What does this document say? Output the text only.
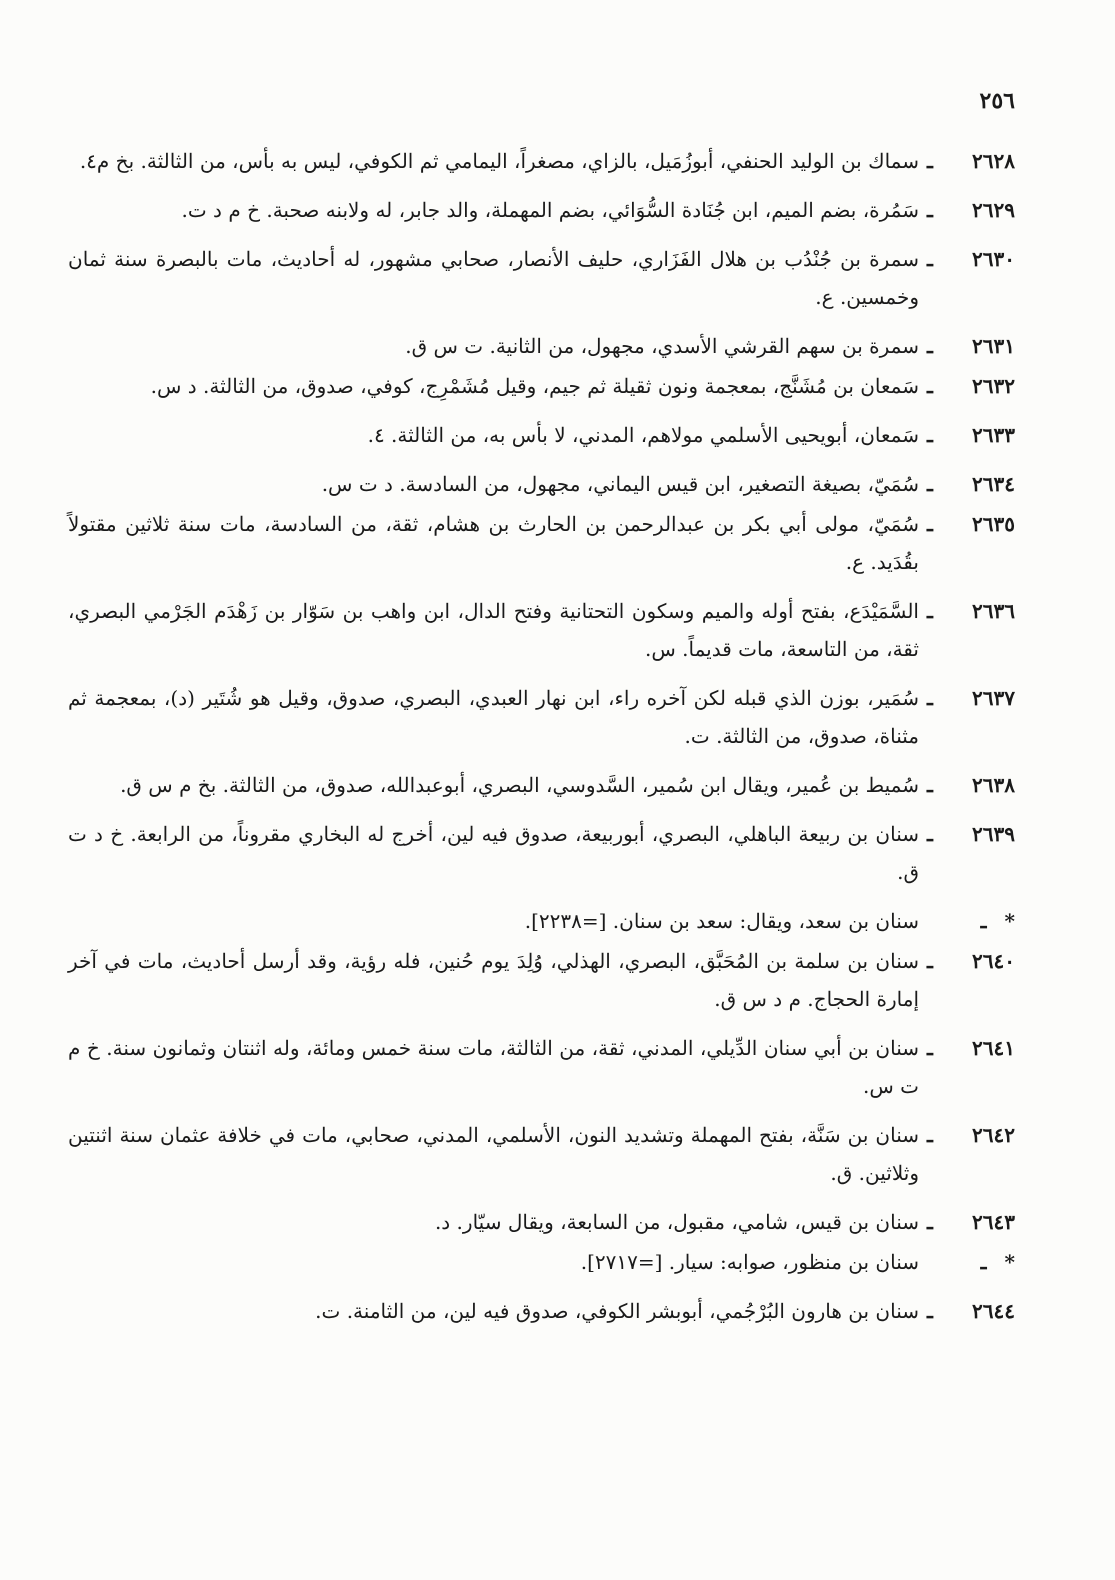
٢٥٦
٢٦٢٨
ـ
سماك بن الوليد الحنفي، أبوزُمَيل، بالزاي، مصغراً، اليمامي ثم الكوفي، ليس به بأس، من الثالثة. بخ م٤.
٢٦٢٩
ـ
سَمُرة، بضم الميم، ابن جُنَادة السُّوَائي، بضم المهملة، والد جابر، له ولابنه صحبة. خ م د ت.
٢٦٣٠
ـ
سمرة بن جُنْدُب بن هلال الفَزَاري، حليف الأنصار، صحابي مشهور، له أحاديث، مات بالبصرة سنة ثمان وخمسين. ع.
٢٦٣١
ـ
سمرة بن سهم القرشي الأسدي، مجهول، من الثانية. ت س ق.
٢٦٣٢
ـ
سَمعان بن مُشَنَّج، بمعجمة ونون ثقيلة ثم جيم، وقيل مُشَمْرِج، كوفي، صدوق، من الثالثة. د س.
٢٦٣٣
ـ
سَمعان، أبويحيى الأسلمي مولاهم، المدني، لا بأس به، من الثالثة. ٤.
٢٦٣٤
ـ
سُمَيّ، بصيغة التصغير، ابن قيس اليماني، مجهول، من السادسة. د ت س.
٢٦٣٥
ـ
سُمَيّ، مولى أبي بكر بن عبدالرحمن بن الحارث بن هشام، ثقة، من السادسة، مات سنة ثلاثين مقتولاً بقُدَيد. ع.
٢٦٣٦
ـ
السَّمَيْدَع، بفتح أوله والميم وسكون التحتانية وفتح الدال، ابن واهب بن سَوّار بن زَهْدَم الجَرْمي البصري، ثقة، من التاسعة، مات قديماً. س.
٢٦٣٧
ـ
سُمَير، بوزن الذي قبله لكن آخره راء، ابن نهار العبدي، البصري، صدوق، وقيل هو شُتَير (د)، بمعجمة ثم مثناة، صدوق، من الثالثة. ت.
٢٦٣٨
ـ
سُميط بن عُمير، ويقال ابن سُمير، السَّدوسي، البصري، أبوعبدالله، صدوق، من الثالثة. بخ م س ق.
٢٦٣٩
ـ
سنان بن ربيعة الباهلي، البصري، أبوربيعة، صدوق فيه لين، أخرج له البخاري مقروناً، من الرابعة. خ د ت ق.
*
ـ
سنان بن سعد، ويقال: سعد بن سنان. [=٢٢٣٨].
٢٦٤٠
ـ
سنان بن سلمة بن المُحَبَّق، البصري، الهذلي، وُلِدَ يوم حُنين، فله رؤية، وقد أرسل أحاديث، مات في آخر إمارة الحجاج. م د س ق.
٢٦٤١
ـ
سنان بن أبي سنان الدِّيلي، المدني، ثقة، من الثالثة، مات سنة خمس ومائة، وله اثنتان وثمانون سنة. خ م ت س.
٢٦٤٢
ـ
سنان بن سَنَّة، بفتح المهملة وتشديد النون، الأسلمي، المدني، صحابي، مات في خلافة عثمان سنة اثنتين وثلاثين. ق.
٢٦٤٣
ـ
سنان بن قيس، شامي، مقبول، من السابعة، ويقال سيّار. د.
*
ـ
سنان بن منظور، صوابه: سيار. [=٢٧١٧].
٢٦٤٤
ـ
سنان بن هارون البُرْجُمي، أبوبشر الكوفي، صدوق فيه لين، من الثامنة. ت.
